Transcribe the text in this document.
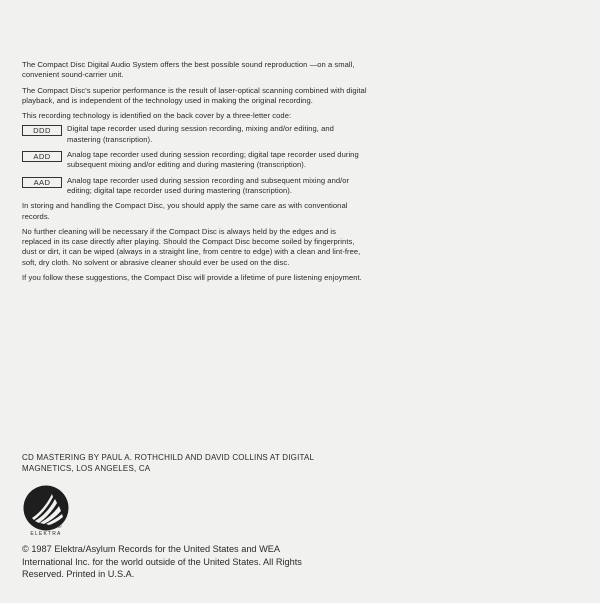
The Compact Disc Digital Audio System offers the best possible sound reproduction —on a small, convenient sound-carrier unit.

The Compact Disc's superior performance is the result of laser-optical scanning combined with digital playback, and is independent of the technology used in making the original recording.

This recording technology is identified on the back cover by a three-letter code:

DDD	Digital tape recorder used during session recording, mixing and/or editing, and mastering (transcription).
ADD	Analog tape recorder used during session recording; digital tape recorder used during subsequent mixing and/or editing and during mastering (transcription).
AAD	Analog tape recorder used during session recording and subsequent mixing and/or editing; digital tape recorder used during mastering (transcription).

In storing and handling the Compact Disc, you should apply the same care as with conventional records.

No further cleaning will be necessary if the Compact Disc is always held by the edges and is replaced in its case directly after playing. Should the Compact Disc become soiled by fingerprints, dust or dirt, it can be wiped (always in a straight line, from centre to edge) with a clean and lint-free, soft, dry cloth. No solvent or abrasive cleaner should ever be used on the disc.

If you follow these suggestions, the Compact Disc will provide a lifetime of pure listening enjoyment.

CD MASTERING BY PAUL A. ROTHCHILD AND DAVID COLLINS AT DIGITAL MAGNETICS, LOS ANGELES, CA

ELEKTRA

®

© 1987 Elektra/Asylum Records for the United States and WEA International Inc. for the world outside of the United States. All Rights Reserved. Printed in U.S.A.
